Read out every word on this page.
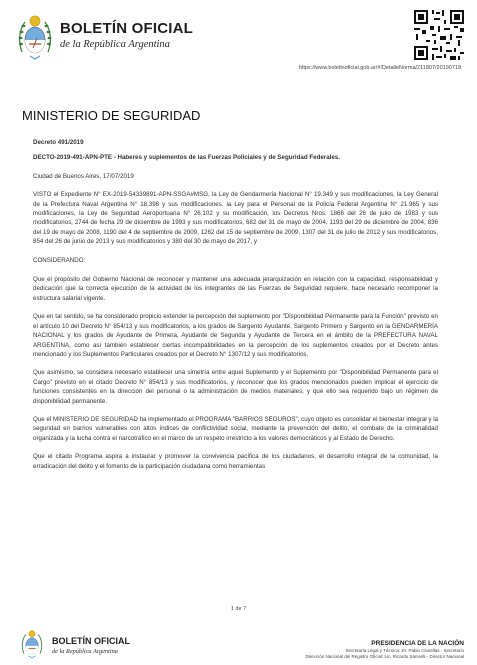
BOLETÍN OFICIAL
de la República Argentina
https://www.boletinoficial.gob.ar/#!DetalleNorma/211807/20190718
MINISTERIO DE SEGURIDAD

Decreto 491/2019

DECTO-2019-491-APN-PTE - Haberes y suplementos de las Fuerzas Policiales y de Seguridad Federales.

Ciudad de Buenos Aires, 17/07/2019

VISTO el Expediente N° EX-2019-54339891-APN-SSGA#MSG, la Ley de Gendarmería Nacional N° 19.349 y sus modificaciones, la Ley General de la Prefectura Naval Argentina N° 18.398 y sus modificaciones, la Ley para el Personal de la Policía Federal Argentina N° 21.965 y sus modificaciones, la Ley de Seguridad Aeroportuaria N° 26.102 y su modificación, los Decretos Nros. 1866 del 26 de julio de 1983 y sus modificatorios, 2744 de fecha 29 de diciembre de 1993 y sus modificatorios, 682 del 31 de mayo de 2004, 1193 del 29 de diciembre de 2004, 836 del 19 de mayo de 2008, 1190 del 4 de septiembre de 2009, 1262 del 15 de septiembre de 2009, 1307 del 31 de julio de 2012 y sus modificatorios, 854 del 26 de junio de 2013 y sus modificatorios y 380 del 30 de mayo de 2017, y

CONSIDERANDO:

Que el propósito del Gobierno Nacional de reconocer y mantener una adecuada jerarquización en relación con la capacidad, responsabilidad y dedicación que la correcta ejecución de la actividad de los integrantes de las Fuerzas de Seguridad requiere, hace necesario recomponer la estructura salarial vigente.

Que en tal sentido, se ha considerado propicio extender la percepción del suplemento por "Disponibilidad Permanente para la Función" previsto en el artículo 10 del Decreto N° 854/13 y sus modificatorios, a los grados de Sargento Ayudante, Sargento Primero y Sargento en la GENDARMERÍA NACIONAL y los grados de Ayudante de Primera, Ayudante de Segunda y Ayudante de Tercera en el ámbito de la PREFECTURA NAVAL ARGENTINA, como así también establecer ciertas incompatibilidades en la percepción de los suplementos creados por el Decreto antes mencionado y los Suplementos Particulares creados por el Decreto N° 1307/12 y sus modificatorios.

Que asimismo, se considera necesario establecer una simetría entre aquel Suplemento y el Suplemento por "Disponibilidad Permanente para el Cargo" previsto en el citado Decreto N° 854/13 y sus modificatorios, y reconocer que los grados mencionados pueden implicar el ejercicio de funciones consistentes en la dirección del personal o la administración de medios materiales, y que ello sea requerido bajo un régimen de disponibilidad permanente.

Que el MINISTERIO DE SEGURIDAD ha implementado el PROGRAMA "BARRIOS SEGUROS", cuyo objeto es consolidar el bienestar integral y la seguridad en barrios vulnerables con altos índices de conflictividad social, mediante la prevención del delito, el combate de la criminalidad organizada y la lucha contra el narcotráfico en el marco de un respeto irrestricto a los valores democráticos y al Estado de Derecho.

Que el citado Programa aspira a instaurar y promover la convivencia pacífica de los ciudadanos, el desarrollo integral de la comunidad, la erradicación del delito y el fomento de la participación ciudadana como herramientas

1 de 7
BOLETÍN OFICIAL
de la República Argentina
PRESIDENCIA DE LA NACIÓN
Secretaría Legal y Técnica: Dr. Pablo Clusellas - Secretario
Dirección Nacional del Registro Oficial: Lic. Ricardo Sarinelli - Director Nacional
